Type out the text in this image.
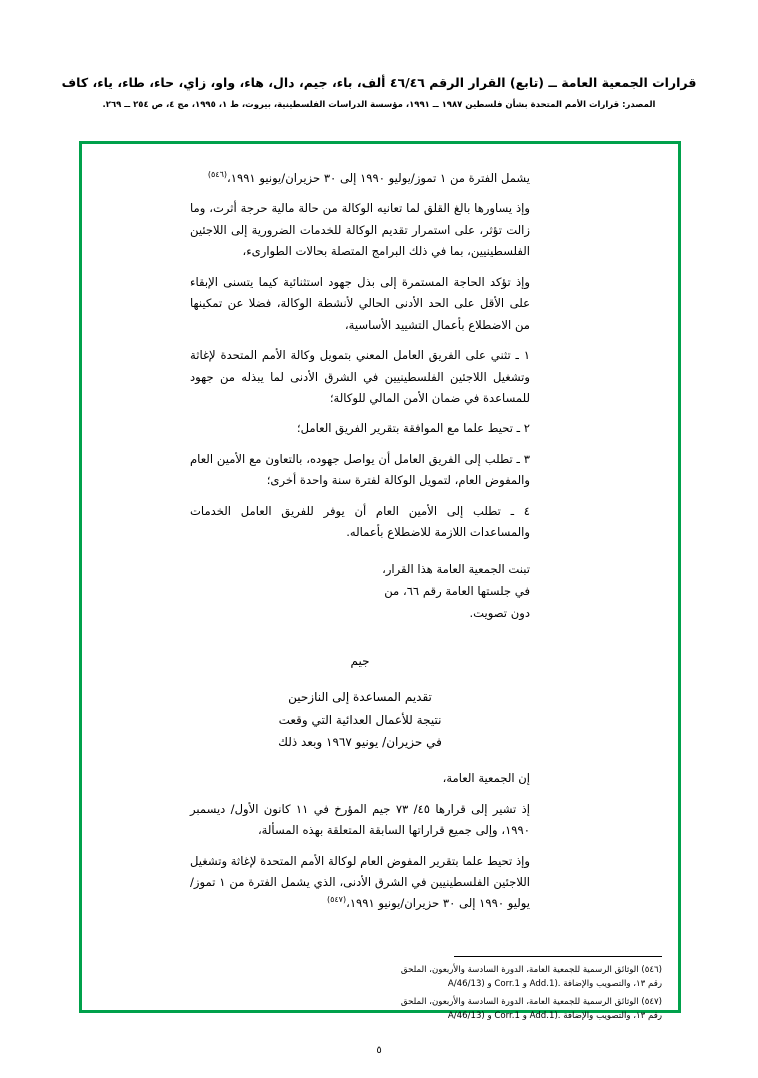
قرارات الجمعية العامة ــ (تابع) القرار الرقم ٤٦/٤٦ ألف، باء، جيم، دال، هاء، واو، زاي، حاء، طاء، ياء، كاف
المصدر: قرارات الأمم المتحدة بشأن فلسطين ١٩٨٧ ــ ١٩٩١، مؤسسة الدراسات الفلسطينية، بيروت، ط ١، ١٩٩٥، مج ٤، ص ٢٥٤ ــ ٢٦٩.

يشمل الفترة من ١ تموز/يوليو ١٩٩٠ إلى ٣٠ حزيران/يونيو ١٩٩١،$^{(٥٤٦)}$

وإذ يساورها بالغ القلق لما تعانيه الوكالة من حالة مالية حرجة أثرت، وما زالت تؤثر، على استمرار تقديم الوكالة للخدمات الضرورية إلى اللاجئين الفلسطينيين، بما في ذلك البرامج المتصلة بحالات الطوارىء،

وإذ تؤكد الحاجة المستمرة إلى بذل جهود استثنائية كيما يتسنى الإبقاء على الأقل على الحد الأدنى الحالي لأنشطة الوكالة، فضلا عن تمكينها من الاضطلاع بأعمال التشييد الأساسية،

١ ـ تثني على الفريق العامل المعني بتمويل وكالة الأمم المتحدة لإغاثة وتشغيل اللاجئين الفلسطينيين في الشرق الأدنى لما يبذله من جهود للمساعدة في ضمان الأمن المالي للوكالة؛

٢ ـ تحيط علما مع الموافقة بتقرير الفريق العامل؛

٣ ـ تطلب إلى الفريق العامل أن يواصل جهوده، بالتعاون مع الأمين العام والمفوض العام، لتمويل الوكالة لفترة سنة واحدة أخرى؛

٤ ـ تطلب إلى الأمين العام أن يوفر للفريق العامل الخدمات والمساعدات اللازمة للاضطلاع بأعماله.

تبنت الجمعية العامة هذا القرار،
في جلستها العامة رقم ٦٦، من
دون تصويت.
جيم
تقديم المساعدة إلى النازحين
نتيجة للأعمال العدائية التي وقعت
في حزيران/ يونيو ١٩٦٧ وبعد ذلك

إن الجمعية العامة،

إذ تشير إلى قرارها ٤٥/ ٧٣ جيم المؤرخ في ١١ كانون الأول/ ديسمبر ١٩٩٠، وإلى جميع قراراتها السابقة المتعلقة بهذه المسألة،

وإذ تحيط علما بتقرير المفوض العام لوكالة الأمم المتحدة لإغاثة وتشغيل اللاجئين الفلسطينيين في الشرق الأدنى، الذي يشمل الفترة من ١ تموز/ يوليو ١٩٩٠ إلى ٣٠ حزيران/يونيو ١٩٩١،$^{(٥٤٧)}$

(٥٤٦) الوثائق الرسمية للجمعية العامة، الدورة السادسة والأربعون، الملحق
رقم ١٣، والتصويب والإضافة A/46/13) و Corr.1 و Add.1).
(٥٤٧) الوثائق الرسمية للجمعية العامة، الدورة السادسة والأربعون، الملحق
رقم ١٣، والتصويب والإضافة A/46/13) و Corr.1 و Add.1).
٥
